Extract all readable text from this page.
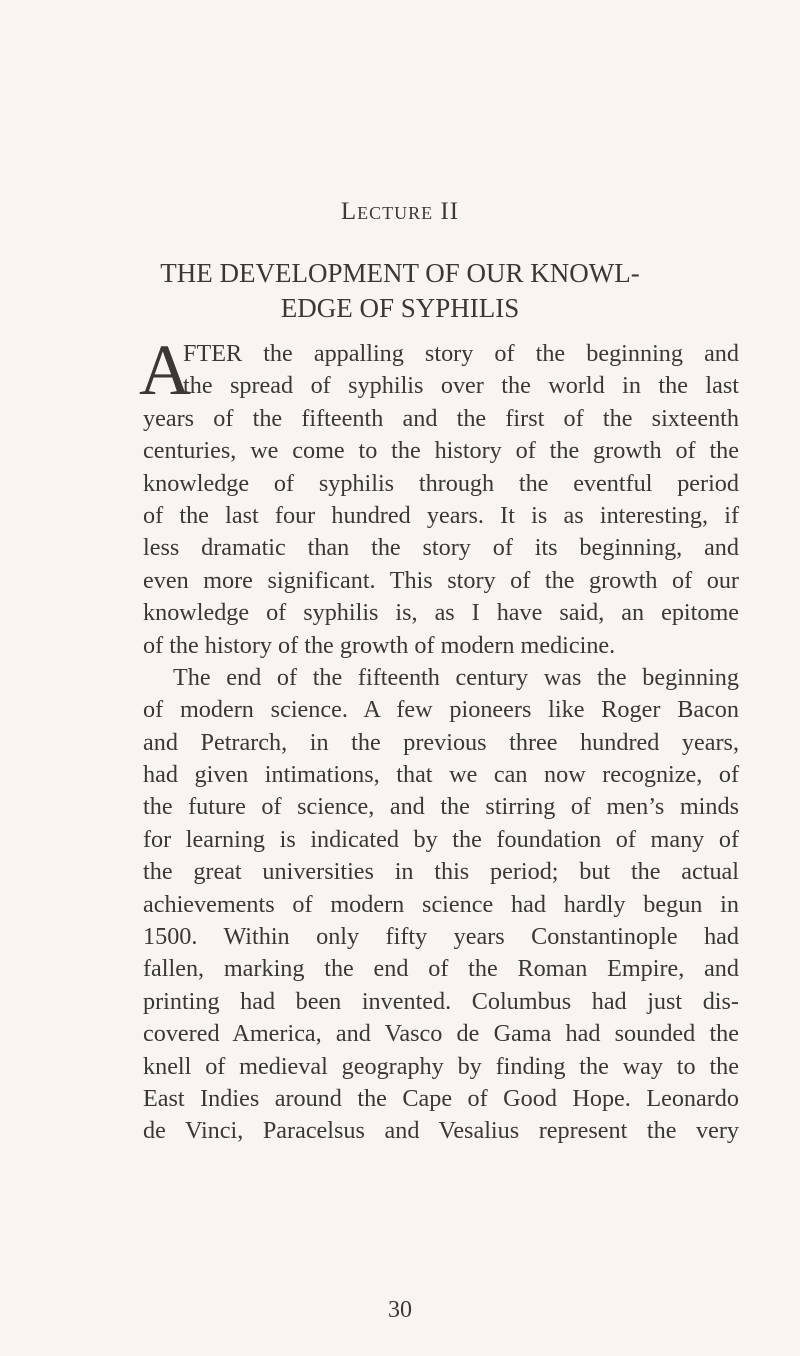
Lecture II
THE DEVELOPMENT OF OUR KNOWL-
EDGE OF SYPHILIS
A
FTER the appalling story of the beginning and
the spread of syphilis over the world in the last
years of the fifteenth and the first of the sixteenth
centuries, we come to the history of the growth of the
knowledge of syphilis through the eventful period
of the last four hundred years. It is as interesting, if
less dramatic than the story of its beginning, and
even more significant. This story of the growth of our
knowledge of syphilis is, as I have said, an epitome
of the history of the growth of modern medicine.
The end of the fifteenth century was the beginning
of modern science. A few pioneers like Roger Bacon
and Petrarch, in the previous three hundred years,
had given intimations, that we can now recognize, of
the future of science, and the stirring of men’s minds
for learning is indicated by the foundation of many of
the great universities in this period; but the actual
achievements of modern science had hardly begun in
1500. Within only fifty years Constantinople had
fallen, marking the end of the Roman Empire, and
printing had been invented. Columbus had just dis-
covered America, and Vasco de Gama had sounded the
knell of medieval geography by finding the way to the
East Indies around the Cape of Good Hope. Leonardo
de Vinci, Paracelsus and Vesalius represent the very
30
